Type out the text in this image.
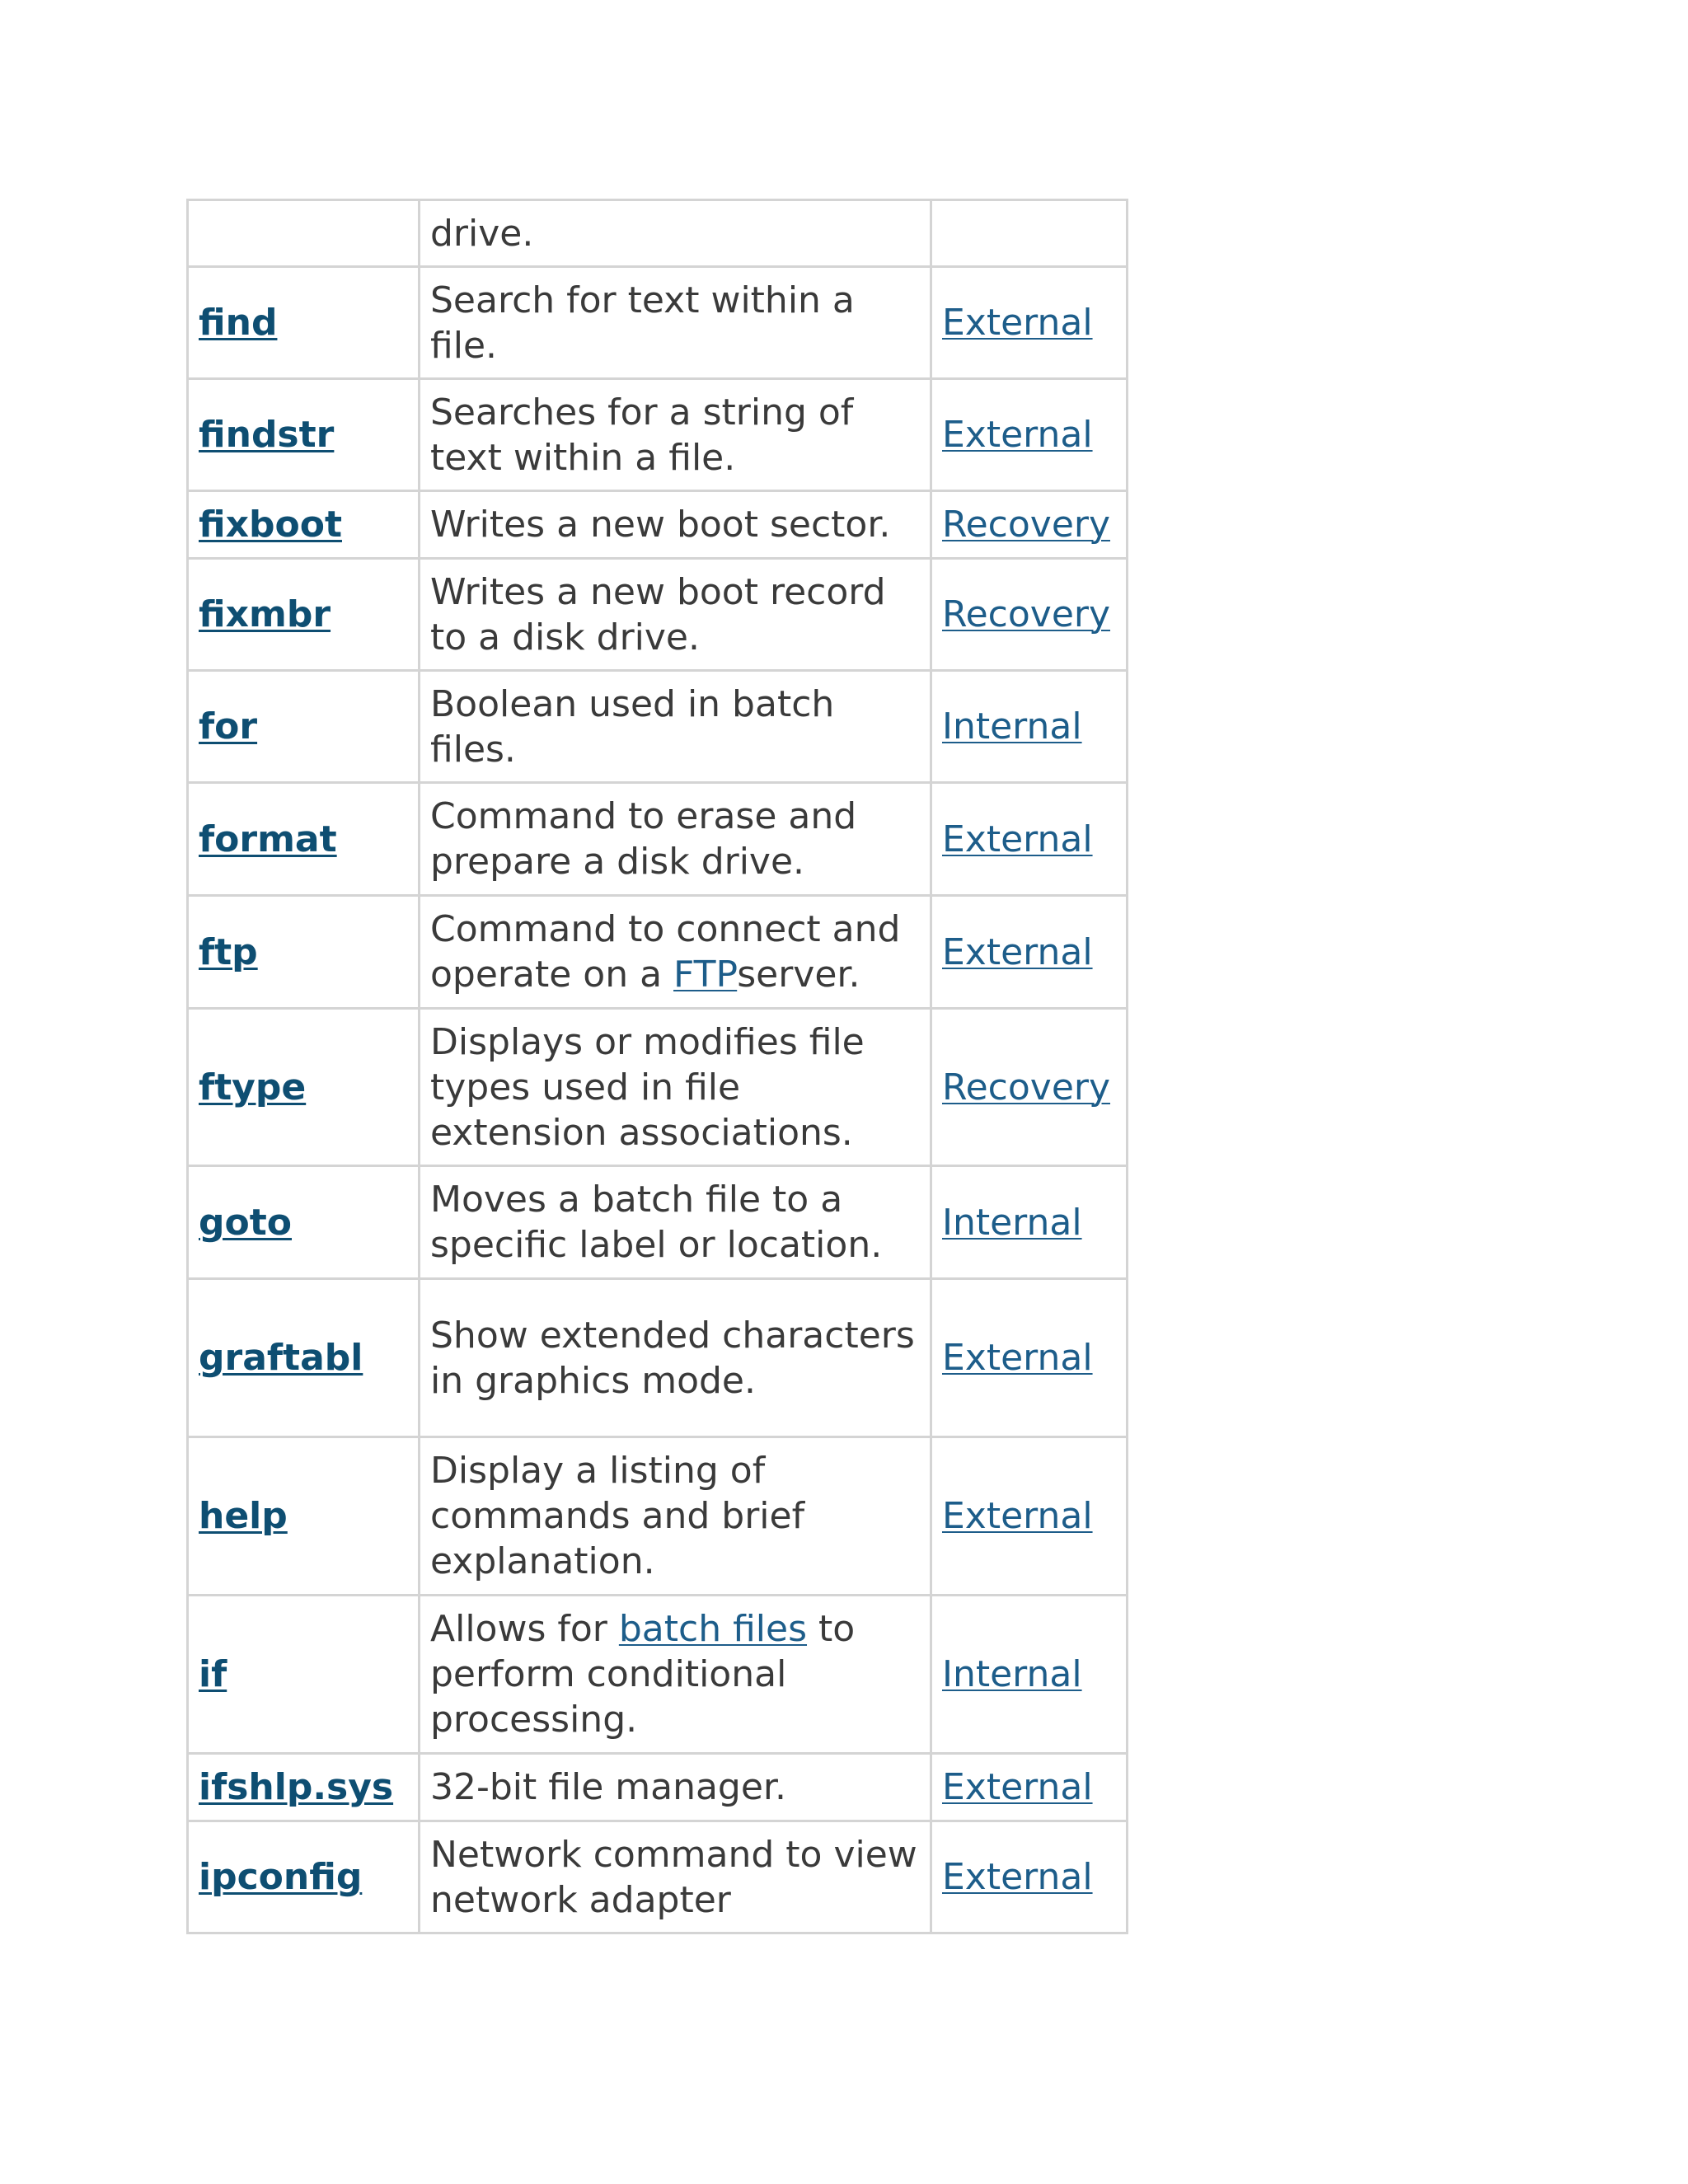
	drive.	
find	Search for text within a file.	External
findstr	Searches for a string of text within a file.	External
fixboot	Writes a new boot sector.	Recovery
fixmbr	Writes a new boot record to a disk drive.	Recovery
for	Boolean used in batch files.	Internal
format	Command to erase and prepare a disk drive.	External
ftp	Command to connect and operate on a FTPserver.	External
ftype	Displays or modifies file types used in file extension associations.	Recovery
goto	Moves a batch file to a specific label or location.	Internal
graftabl	Show extended characters in graphics mode.	External
help	Display a listing of commands and brief explanation.	External
if	Allows for batch files to perform conditional processing.	Internal
ifshlp.sys	32-bit file manager.	External
ipconfig	Network command to view network adapter	External
